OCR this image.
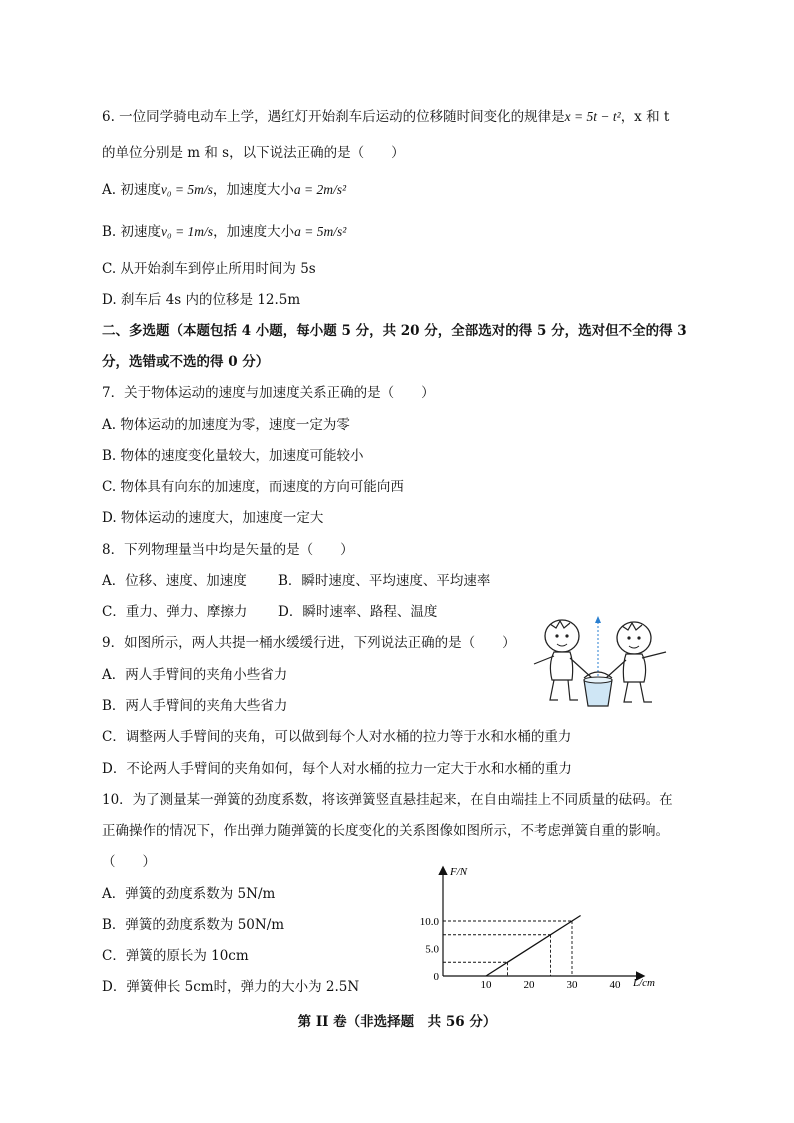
6. 一位同学骑电动车上学，遇红灯开始刹车后运动的位移随时间变化的规律是x = 5t − t²，x 和 t
的单位分别是 m 和 s，以下说法正确的是（　　）
A. 初速度v₀ = 5m/s，加速度大小a = 2m/s²
B. 初速度v₀ = 1m/s，加速度大小a = 5m/s²
C. 从开始刹车到停止所用时间为 5s
D. 刹车后 4s 内的位移是 12.5m
二、多选题（本题包括 4 小题，每小题 5 分，共 20 分，全部选对的得 5 分，选对但不全的得 3
分，选错或不选的得 0 分）
7．关于物体运动的速度与加速度关系正确的是（　　）
A. 物体运动的加速度为零，速度一定为零
B. 物体的速度变化量较大，加速度可能较小
C. 物体具有向东的加速度，而速度的方向可能向西
D. 物体运动的速度大，加速度一定大
8．下列物理量当中均是矢量的是（　　）
A．位移、速度、加速度 B．瞬时速度、平均速度、平均速率
C．重力、弹力、摩擦力 D．瞬时速率、路程、温度
9．如图所示，两人共提一桶水缓缓行进，下列说法正确的是（　　）
A．两人手臂间的夹角小些省力
B．两人手臂间的夹角大些省力
C．调整两人手臂间的夹角，可以做到每个人对水桶的拉力等于水和水桶的重力
D．不论两人手臂间的夹角如何，每个人对水桶的拉力一定大于水和水桶的重力
10．为了测量某一弹簧的劲度系数，将该弹簧竖直悬挂起来，在自由端挂上不同质量的砝码。在
正确操作的情况下，作出弹力随弹簧的长度变化的关系图像如图所示，不考虑弹簧自重的影响。
（　　）
A．弹簧的劲度系数为 5N/m
B．弹簧的劲度系数为 50N/m
C．弹簧的原长为 10cm
D．弹簧伸长 5cm时，弹力的大小为 2.5N
F/N
L/cm
10	20	30	40
0
5.0
10.0
第 II 卷（非选择题　共 56 分）
